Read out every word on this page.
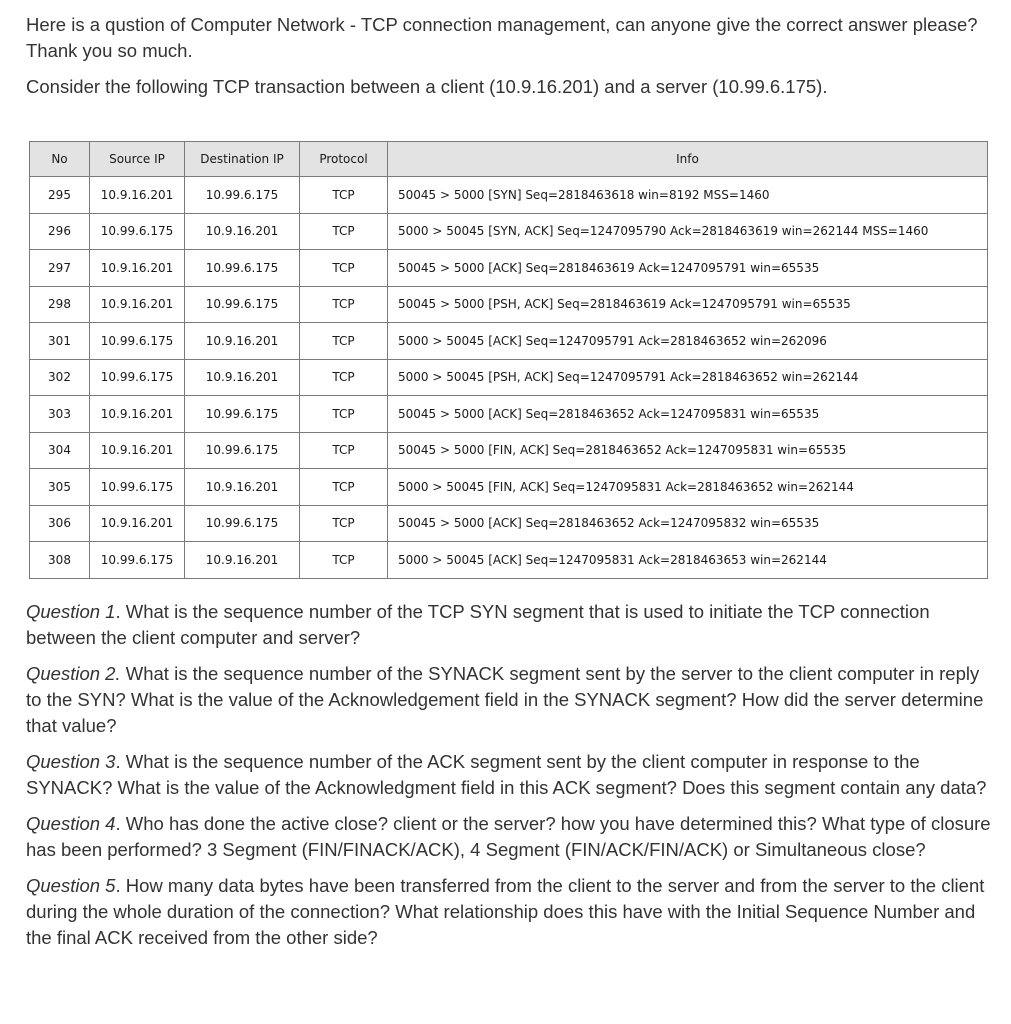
Here is a qustion of Computer Network - TCP connection management, can anyone give the correct answer please? Thank you so much.

Consider the following TCP transaction between a client (10.9.16.201) and a server (10.99.6.175).

No	Source IP	Destination IP	Protocol	Info
295	10.9.16.201	10.99.6.175	TCP	50045 > 5000 [SYN] Seq=2818463618 win=8192 MSS=1460
296	10.99.6.175	10.9.16.201	TCP	5000 > 50045 [SYN, ACK] Seq=1247095790 Ack=2818463619 win=262144 MSS=1460
297	10.9.16.201	10.99.6.175	TCP	50045 > 5000 [ACK] Seq=2818463619 Ack=1247095791 win=65535
298	10.9.16.201	10.99.6.175	TCP	50045 > 5000 [PSH, ACK] Seq=2818463619 Ack=1247095791 win=65535
301	10.99.6.175	10.9.16.201	TCP	5000 > 50045 [ACK] Seq=1247095791 Ack=2818463652 win=262096
302	10.99.6.175	10.9.16.201	TCP	5000 > 50045 [PSH, ACK] Seq=1247095791 Ack=2818463652 win=262144
303	10.9.16.201	10.99.6.175	TCP	50045 > 5000 [ACK] Seq=2818463652 Ack=1247095831 win=65535
304	10.9.16.201	10.99.6.175	TCP	50045 > 5000 [FIN, ACK] Seq=2818463652 Ack=1247095831 win=65535
305	10.99.6.175	10.9.16.201	TCP	5000 > 50045 [FIN, ACK] Seq=1247095831 Ack=2818463652 win=262144
306	10.9.16.201	10.99.6.175	TCP	50045 > 5000 [ACK] Seq=2818463652 Ack=1247095832 win=65535
308	10.99.6.175	10.9.16.201	TCP	5000 > 50045 [ACK] Seq=1247095831 Ack=2818463653 win=262144

Question 1. What is the sequence number of the TCP SYN segment that is used to initiate the TCP connection between the client computer and server?

Question 2. What is the sequence number of the SYNACK segment sent by the server to the client computer in reply to the SYN? What is the value of the Acknowledgement field in the SYNACK segment? How did the server determine that value?

Question 3. What is the sequence number of the ACK segment sent by the client computer in response to the SYNACK? What is the value of the Acknowledgment field in this ACK segment? Does this segment contain any data?

Question 4. Who has done the active close? client or the server? how you have determined this? What type of closure has been performed? 3 Segment (FIN/FINACK/ACK), 4 Segment (FIN/ACK/FIN/ACK) or Simultaneous close?

Question 5. How many data bytes have been transferred from the client to the server and from the server to the client during the whole duration of the connection? What relationship does this have with the Initial Sequence Number and the final ACK received from the other side?
